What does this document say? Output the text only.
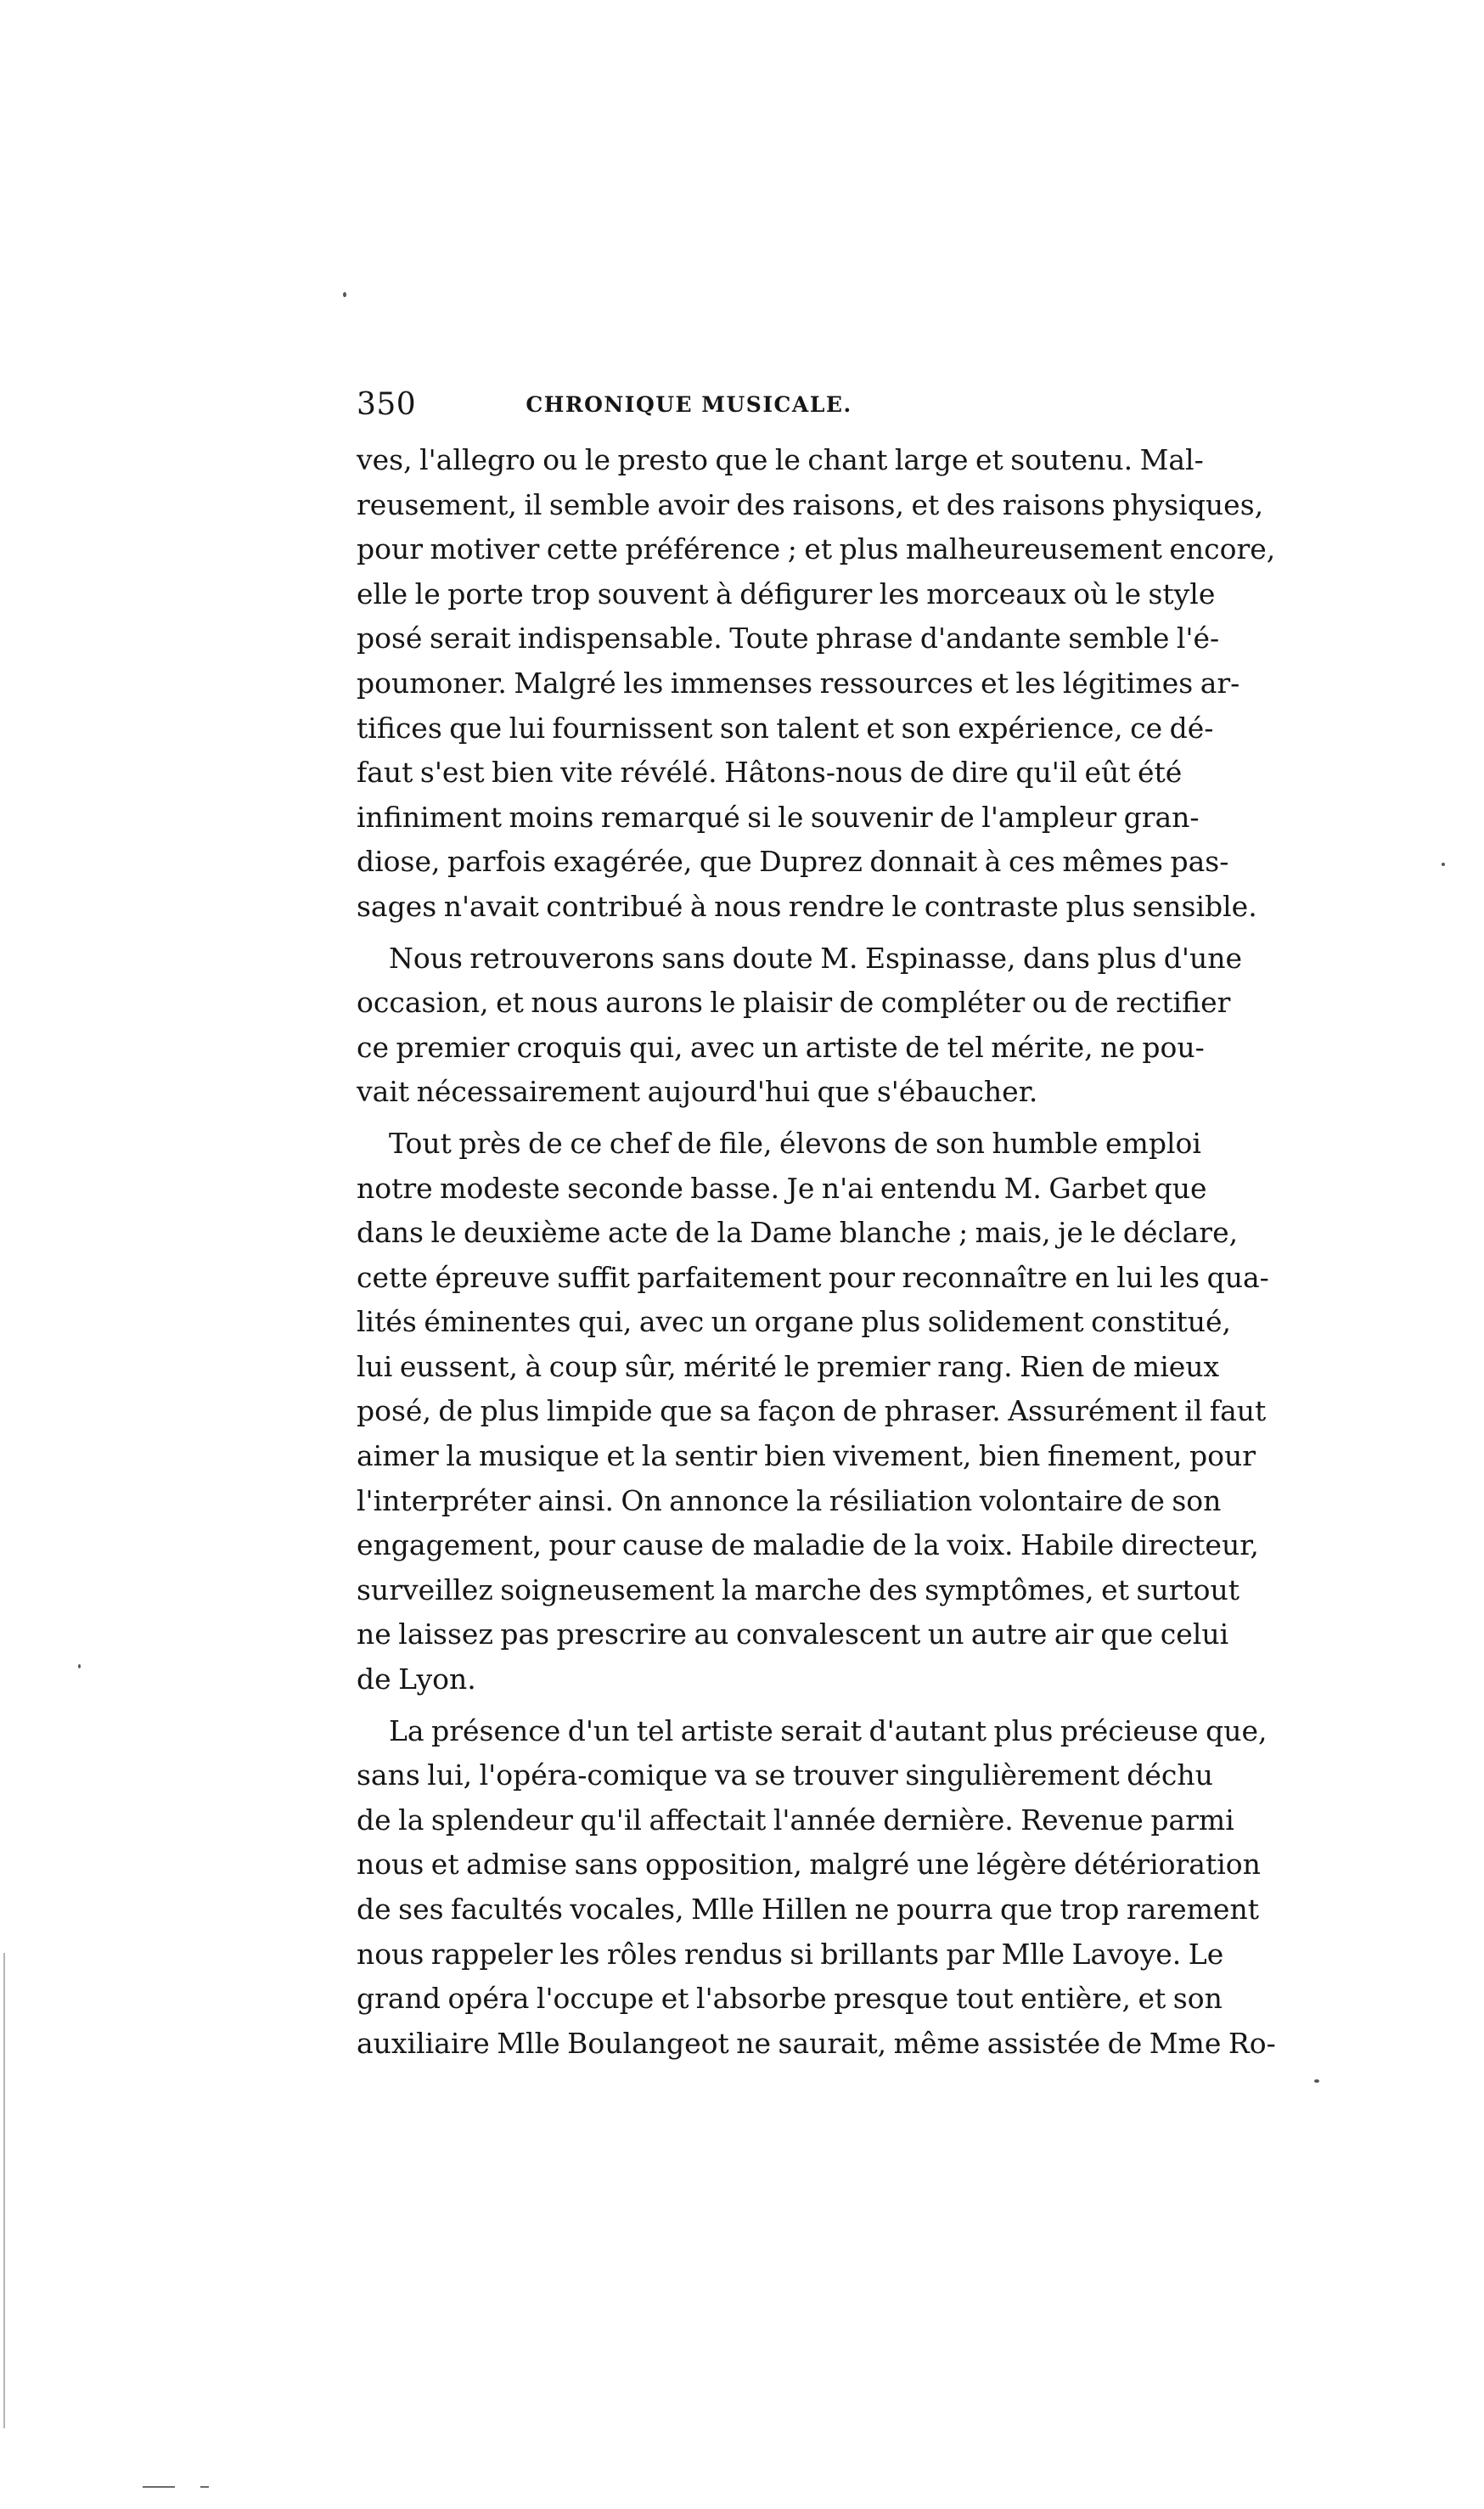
350	CHRONIQUE MUSICALE.
ves, l'allegro ou le presto que le chant large et soutenu. Mal-
reusement, il semble avoir des raisons, et des raisons physiques,
pour motiver cette préférence ; et plus malheureusement encore,
elle le porte trop souvent à défigurer les morceaux où le style
posé serait indispensable. Toute phrase d'andante semble l'é-
poumoner. Malgré les immenses ressources et les légitimes ar-
tifices que lui fournissent son talent et son expérience, ce dé-
faut s'est bien vite révélé. Hâtons-nous de dire qu'il eût été
infiniment moins remarqué si le souvenir de l'ampleur gran-
diose, parfois exagérée, que Duprez donnait à ces mêmes pas-
sages n'avait contribué à nous rendre le contraste plus sensible.
Nous retrouverons sans doute M. Espinasse, dans plus d'une
occasion, et nous aurons le plaisir de compléter ou de rectifier
ce premier croquis qui, avec un artiste de tel mérite, ne pou-
vait nécessairement aujourd'hui que s'ébaucher.
Tout près de ce chef de file, élevons de son humble emploi
notre modeste seconde basse. Je n'ai entendu M. Garbet que
dans le deuxième acte de la Dame blanche ; mais, je le déclare,
cette épreuve suffit parfaitement pour reconnaître en lui les qua-
lités éminentes qui, avec un organe plus solidement constitué,
lui eussent, à coup sûr, mérité le premier rang. Rien de mieux
posé, de plus limpide que sa façon de phraser. Assurément il faut
aimer la musique et la sentir bien vivement, bien finement, pour
l'interpréter ainsi. On annonce la résiliation volontaire de son
engagement, pour cause de maladie de la voix. Habile directeur,
surveillez soigneusement la marche des symptômes, et surtout
ne laissez pas prescrire au convalescent un autre air que celui
de Lyon.
La présence d'un tel artiste serait d'autant plus précieuse que,
sans lui, l'opéra-comique va se trouver singulièrement déchu
de la splendeur qu'il affectait l'année dernière. Revenue parmi
nous et admise sans opposition, malgré une légère détérioration
de ses facultés vocales, Mlle Hillen ne pourra que trop rarement
nous rappeler les rôles rendus si brillants par Mlle Lavoye. Le
grand opéra l'occupe et l'absorbe presque tout entière, et son
auxiliaire Mlle Boulangeot ne saurait, même assistée de Mme Ro-
